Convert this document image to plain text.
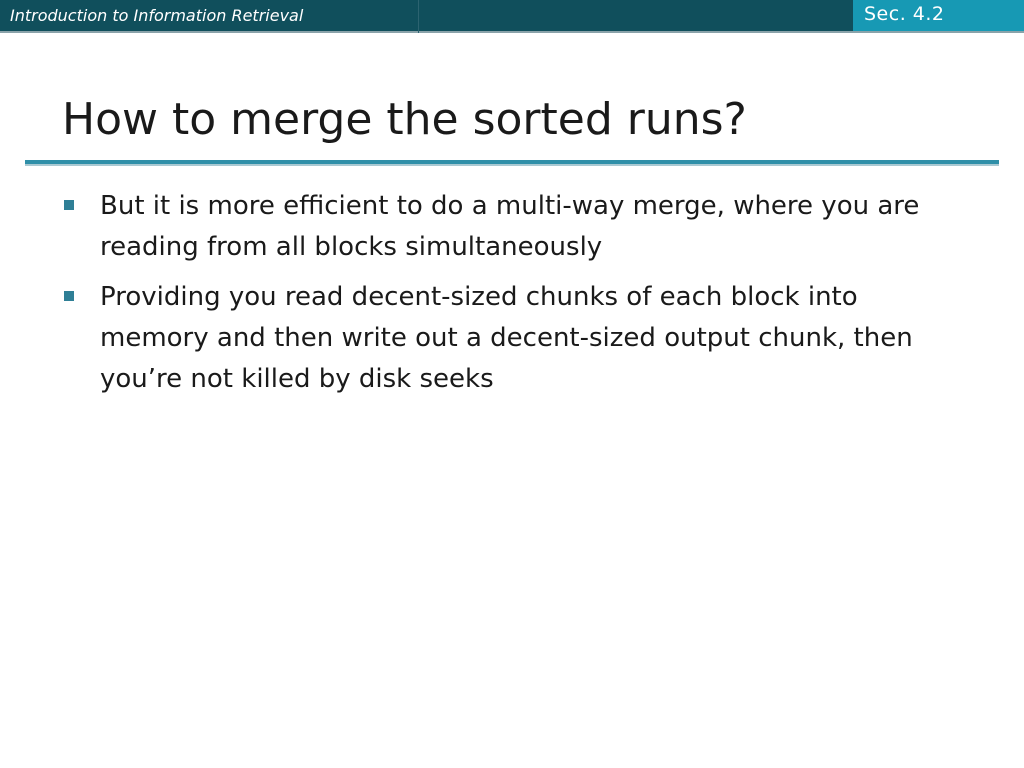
Introduction to Information Retrieval	Sec. 4.2
How to merge the sorted runs?
But it is more efficient to do a multi-way merge, where you are reading from all blocks simultaneously
Providing you read decent-sized chunks of each block into memory and then write out a decent-sized output chunk, then you’re not killed by disk seeks
